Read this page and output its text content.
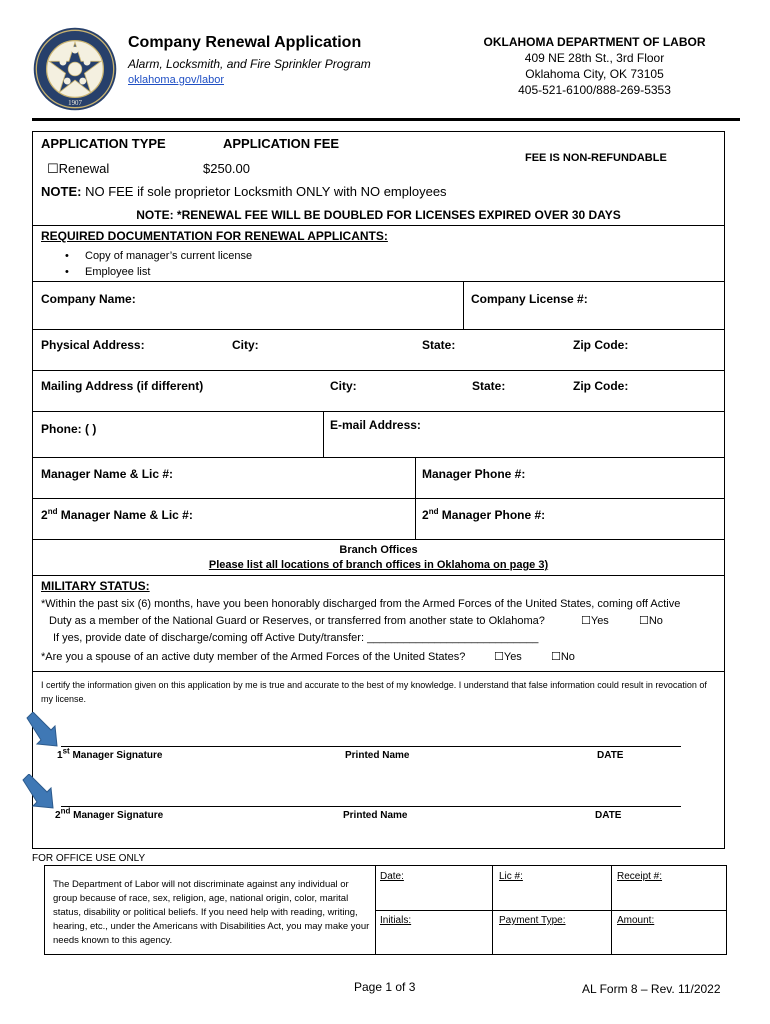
1907
Company Renewal Application
Alarm, Locksmith, and Fire Sprinkler Program
oklahoma.gov/labor
OKLAHOMA DEPARTMENT OF LABOR
409 NE 28th St., 3rd Floor
Oklahoma City, OK 73105
405-521-6100/888-269-5353
APPLICATION TYPE	APPLICATION FEE
FEE IS NON-REFUNDABLE
☐Renewal	$250.00
NOTE: NO FEE if sole proprietor Locksmith ONLY with NO employees
NOTE: *RENEWAL FEE WILL BE DOUBLED FOR LICENSES EXPIRED OVER 30 DAYS
REQUIRED DOCUMENTATION FOR RENEWAL APPLICANTS:
• Copy of manager’s current license
• Employee list
Company Name:	Company License #:
Physical Address:	City:	State:	Zip Code:
Mailing Address (if different)	City:	State:	Zip Code:
Phone: ( )	E-mail Address:
Manager Name & Lic #:	Manager Phone #:
2nd Manager Name & Lic #:	2nd Manager Phone #:
Branch Offices
Please list all locations of branch offices in Oklahoma on page 3)
MILITARY STATUS:
*Within the past six (6) months, have you been honorably discharged from the Armed Forces of the United States, coming off Active
Duty as a member of the National Guard or Reserves, or transferred from another state to Oklahoma?	☐Yes	☐No
If yes, provide date of discharge/coming off Active Duty/transfer: ____________________________
*Are you a spouse of an active duty member of the Armed Forces of the United States?	☐Yes	☐No
I certify the information given on this application by me is true and accurate to the best of my knowledge. I understand that false information could result in revocation of my license.
1st Manager Signature	Printed Name	DATE
2nd Manager Signature	Printed Name	DATE
FOR OFFICE USE ONLY
The Department of Labor will not discriminate against any individual or group because of race, sex, religion, age, national origin, color, marital status, disability or political beliefs. If you need help with reading, writing, hearing, etc., under the Americans with Disabilities Act, you may make your needs known to this agency.
Date:	Lic #:	Receipt #:
Initials:	Payment Type:	Amount:
Page 1 of 3	AL Form 8 – Rev. 11/2022
